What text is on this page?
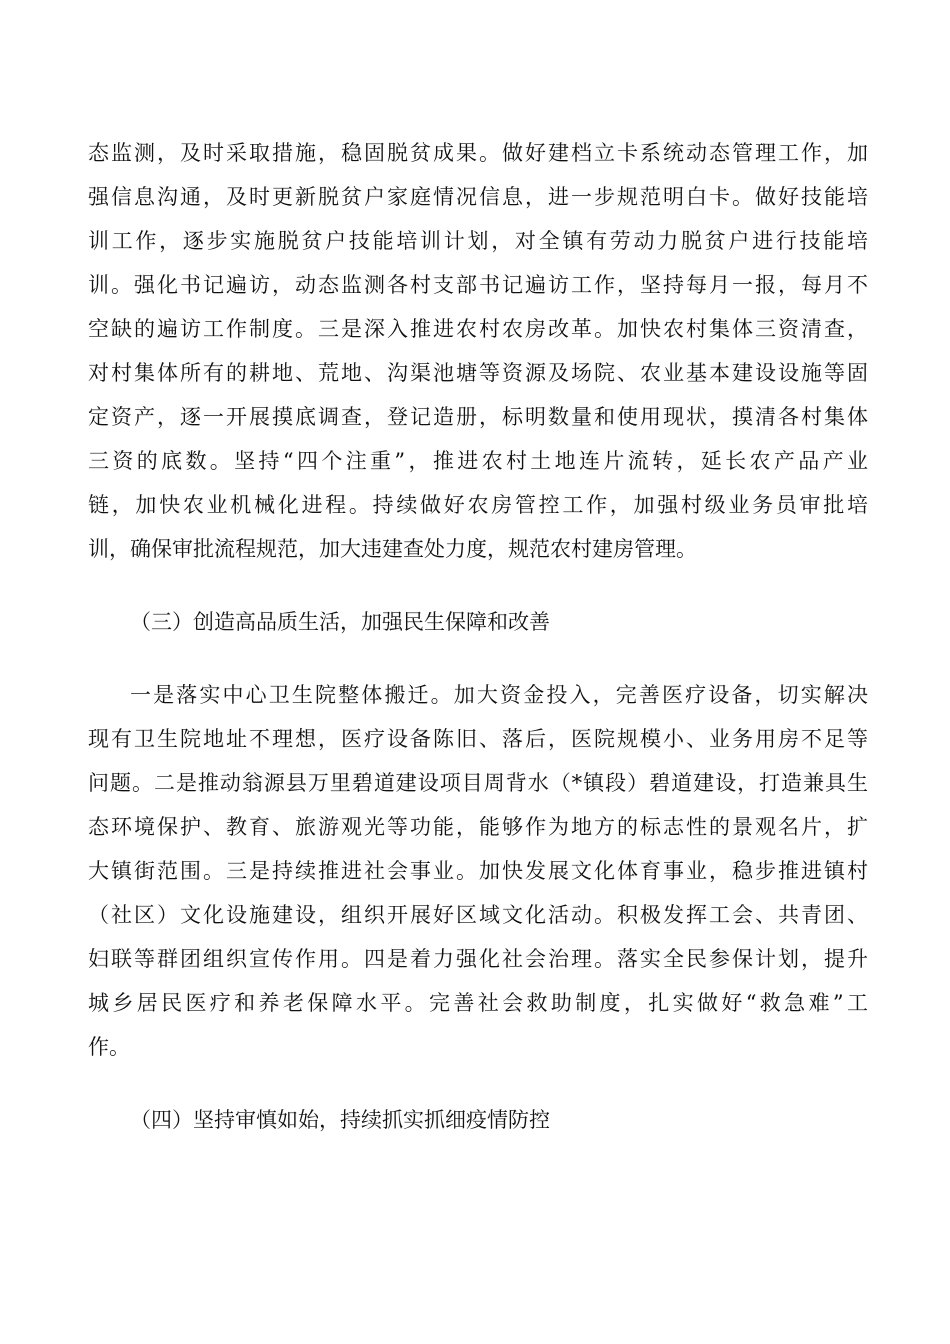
态监测，及时采取措施，稳固脱贫成果。做好建档立卡系统动态管理工作，加
强信息沟通，及时更新脱贫户家庭情况信息，进一步规范明白卡。做好技能培
训工作，逐步实施脱贫户技能培训计划，对全镇有劳动力脱贫户进行技能培
训。强化书记遍访，动态监测各村支部书记遍访工作，坚持每月一报，每月不
空缺的遍访工作制度。三是深入推进农村农房改革。加快农村集体三资清查，
对村集体所有的耕地、荒地、沟渠池塘等资源及场院、农业基本建设设施等固
定资产，逐一开展摸底调查，登记造册，标明数量和使用现状，摸清各村集体
三资的底数。坚持“四个注重”，推进农村土地连片流转，延长农产品产业
链，加快农业机械化进程。持续做好农房管控工作，加强村级业务员审批培
训，确保审批流程规范，加大违建查处力度，规范农村建房管理。
（三）创造高品质生活，加强民生保障和改善
一是落实中心卫生院整体搬迁。加大资金投入，完善医疗设备，切实解决
现有卫生院地址不理想，医疗设备陈旧、落后，医院规模小、业务用房不足等
问题。二是推动翁源县万里碧道建设项目周背水（*镇段）碧道建设，打造兼具生
态环境保护、教育、旅游观光等功能，能够作为地方的标志性的景观名片，扩
大镇街范围。三是持续推进社会事业。加快发展文化体育事业，稳步推进镇村
（社区）文化设施建设，组织开展好区域文化活动。积极发挥工会、共青团、
妇联等群团组织宣传作用。四是着力强化社会治理。落实全民参保计划，提升
城乡居民医疗和养老保障水平。完善社会救助制度，扎实做好“救急难”工
作。
（四）坚持审慎如始，持续抓实抓细疫情防控
